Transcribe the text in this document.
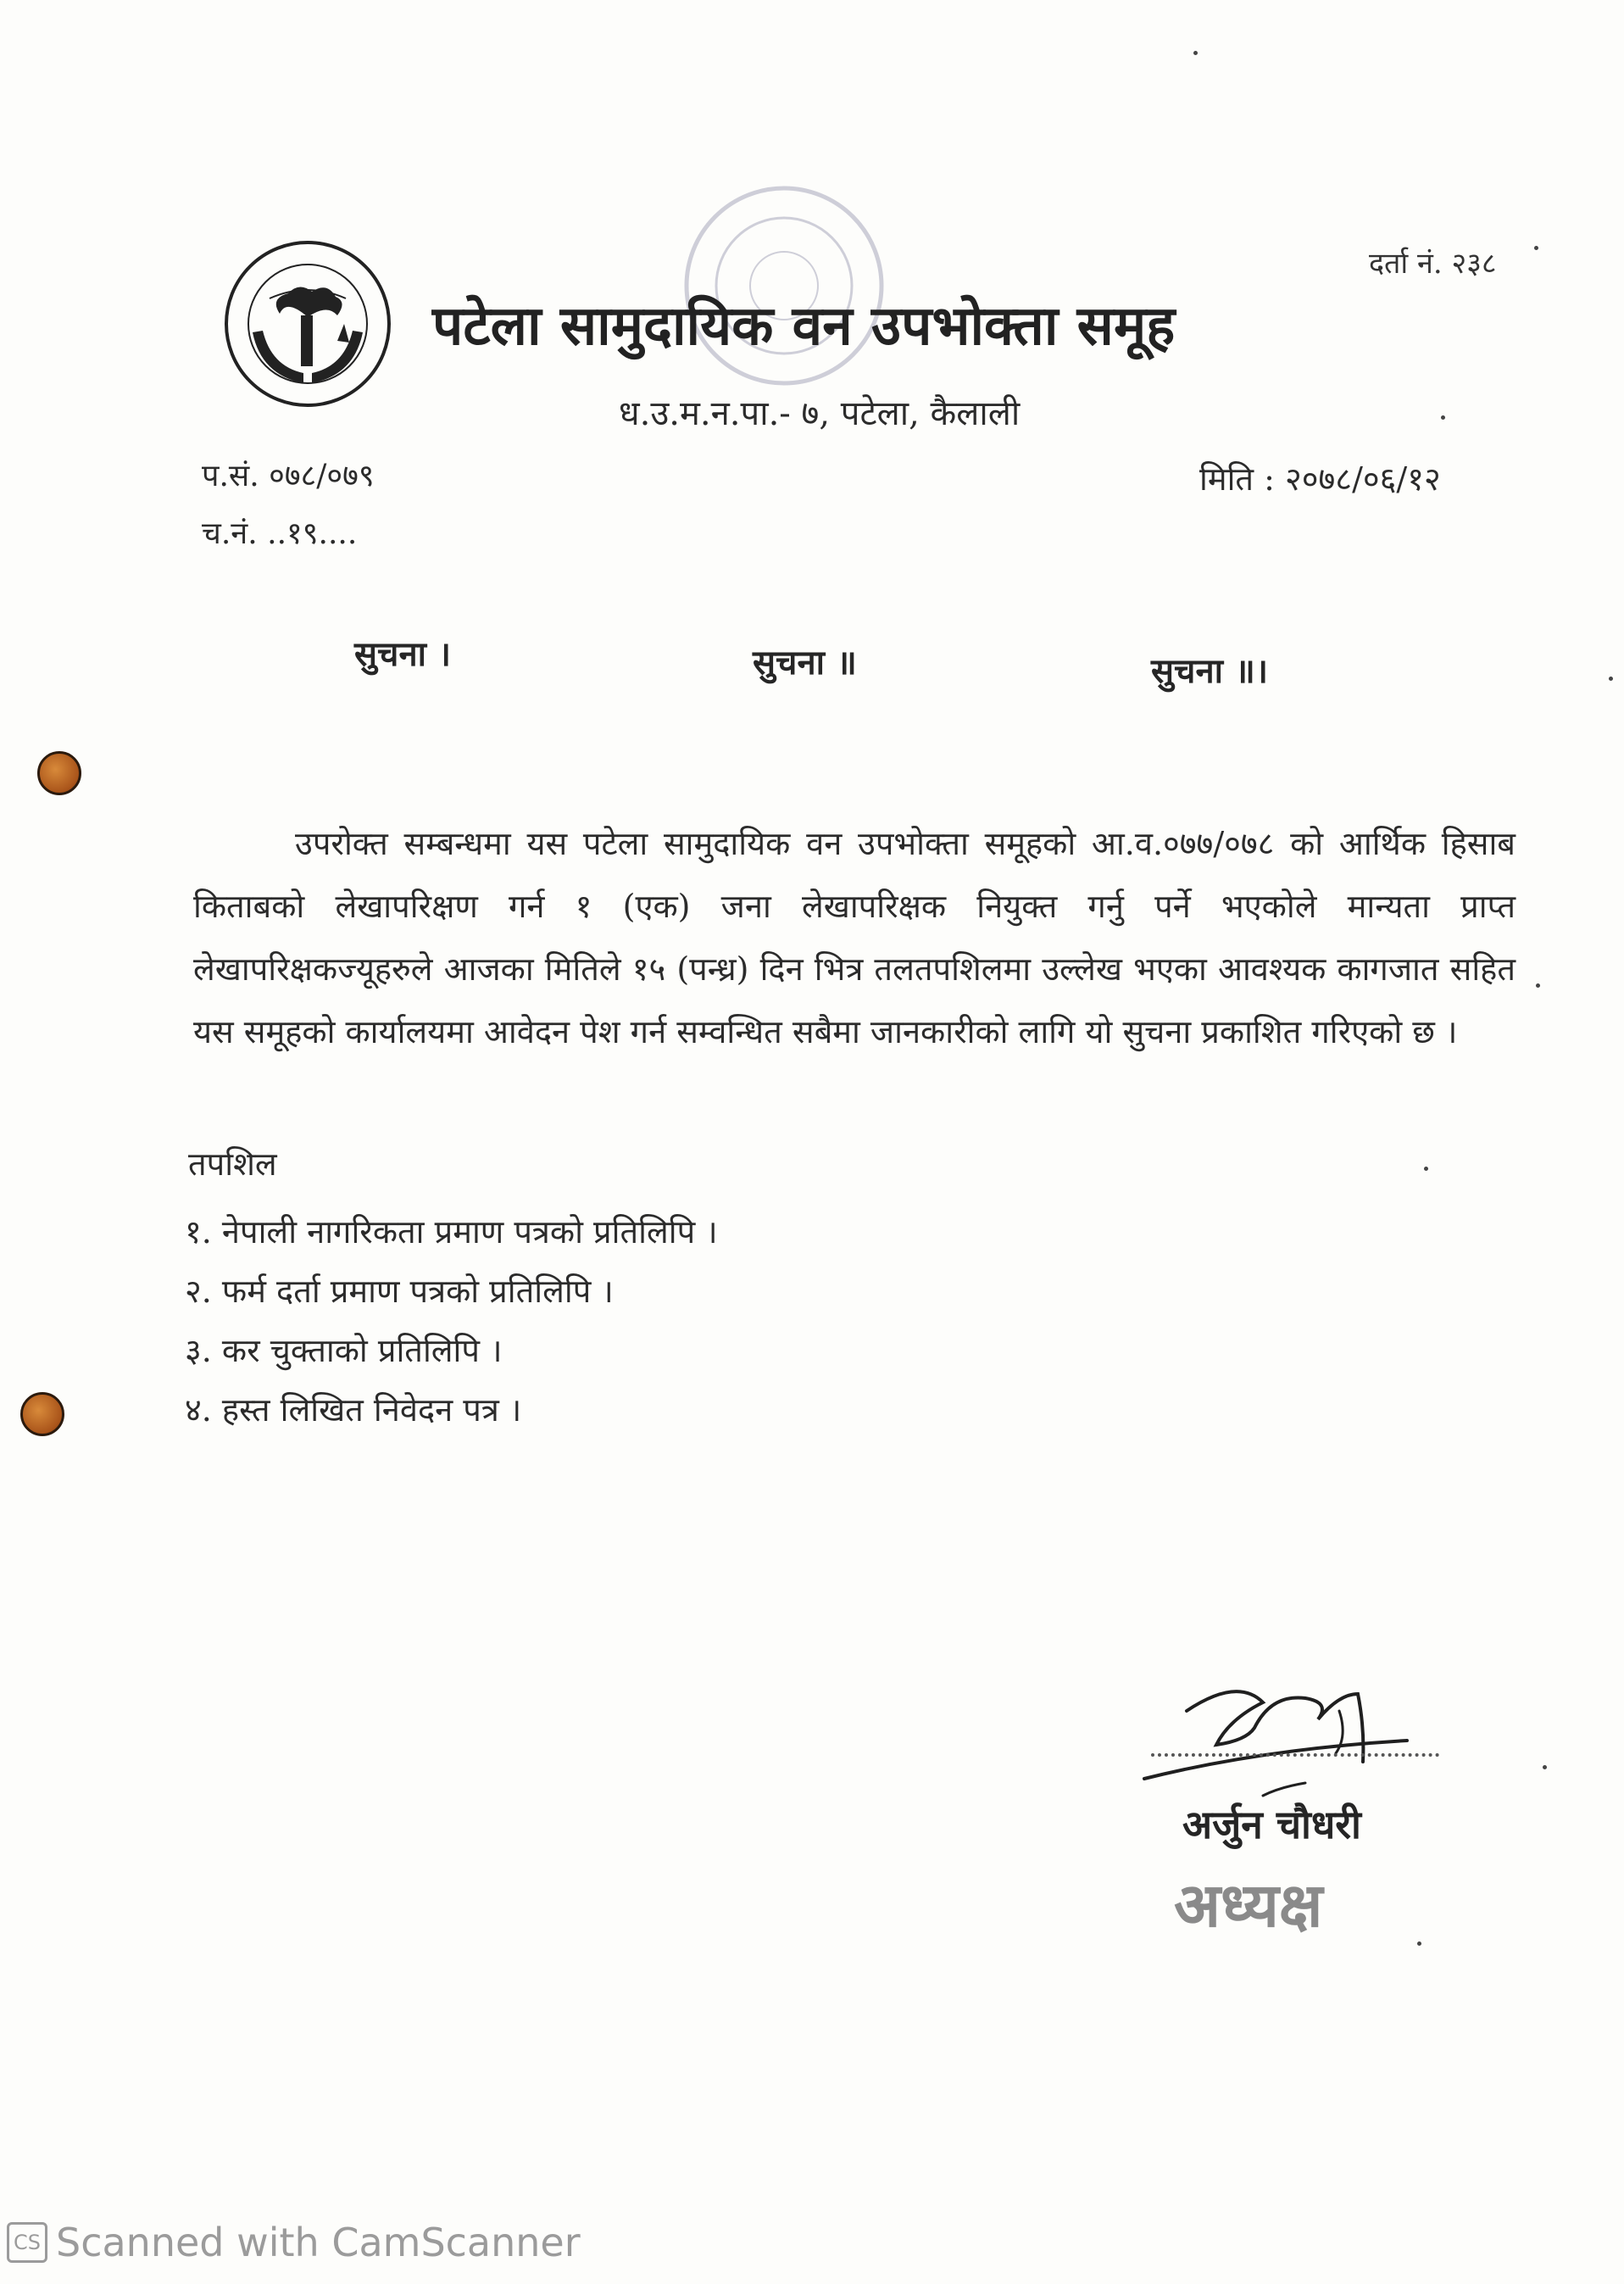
दर्ता नं. २३८
पटेला सामुदायिक वन उपभोक्ता समूह
ध.उ.म.न.पा.- ७, पटेला, कैलाली
प.सं. ०७८/०७९
च.नं. ..१९....
मिति : २०७८/०६/१२
सुचना ।	सुचना ॥	सुचना ॥।
उपरोक्त सम्बन्धमा यस पटेला सामुदायिक वन उपभोक्ता समूहको आ.व.०७७/०७८ को आर्थिक हिसाब किताबको लेखापरिक्षण गर्न १ (एक) जना लेखापरिक्षक नियुक्त गर्नु पर्ने भएकोले मान्यता प्राप्त लेखापरिक्षकज्यूहरुले आजका मितिले १५ (पन्ध्र) दिन भित्र तलतपशिलमा उल्लेख भएका आवश्यक कागजात सहित यस समूहको कार्यालयमा आवेदन पेश गर्न सम्वन्धित सबैमा जानकारीको लागि यो सुचना प्रकाशित गरिएको छ ।
तपशिल
१. नेपाली नागरिकता प्रमाण पत्रको प्रतिलिपि ।
२. फर्म दर्ता प्रमाण पत्रको प्रतिलिपि ।
३. कर चुक्ताको प्रतिलिपि ।
४. हस्त लिखित निवेदन पत्र ।
अर्जुन चौधरी
अध्यक्ष
CS Scanned with CamScanner
